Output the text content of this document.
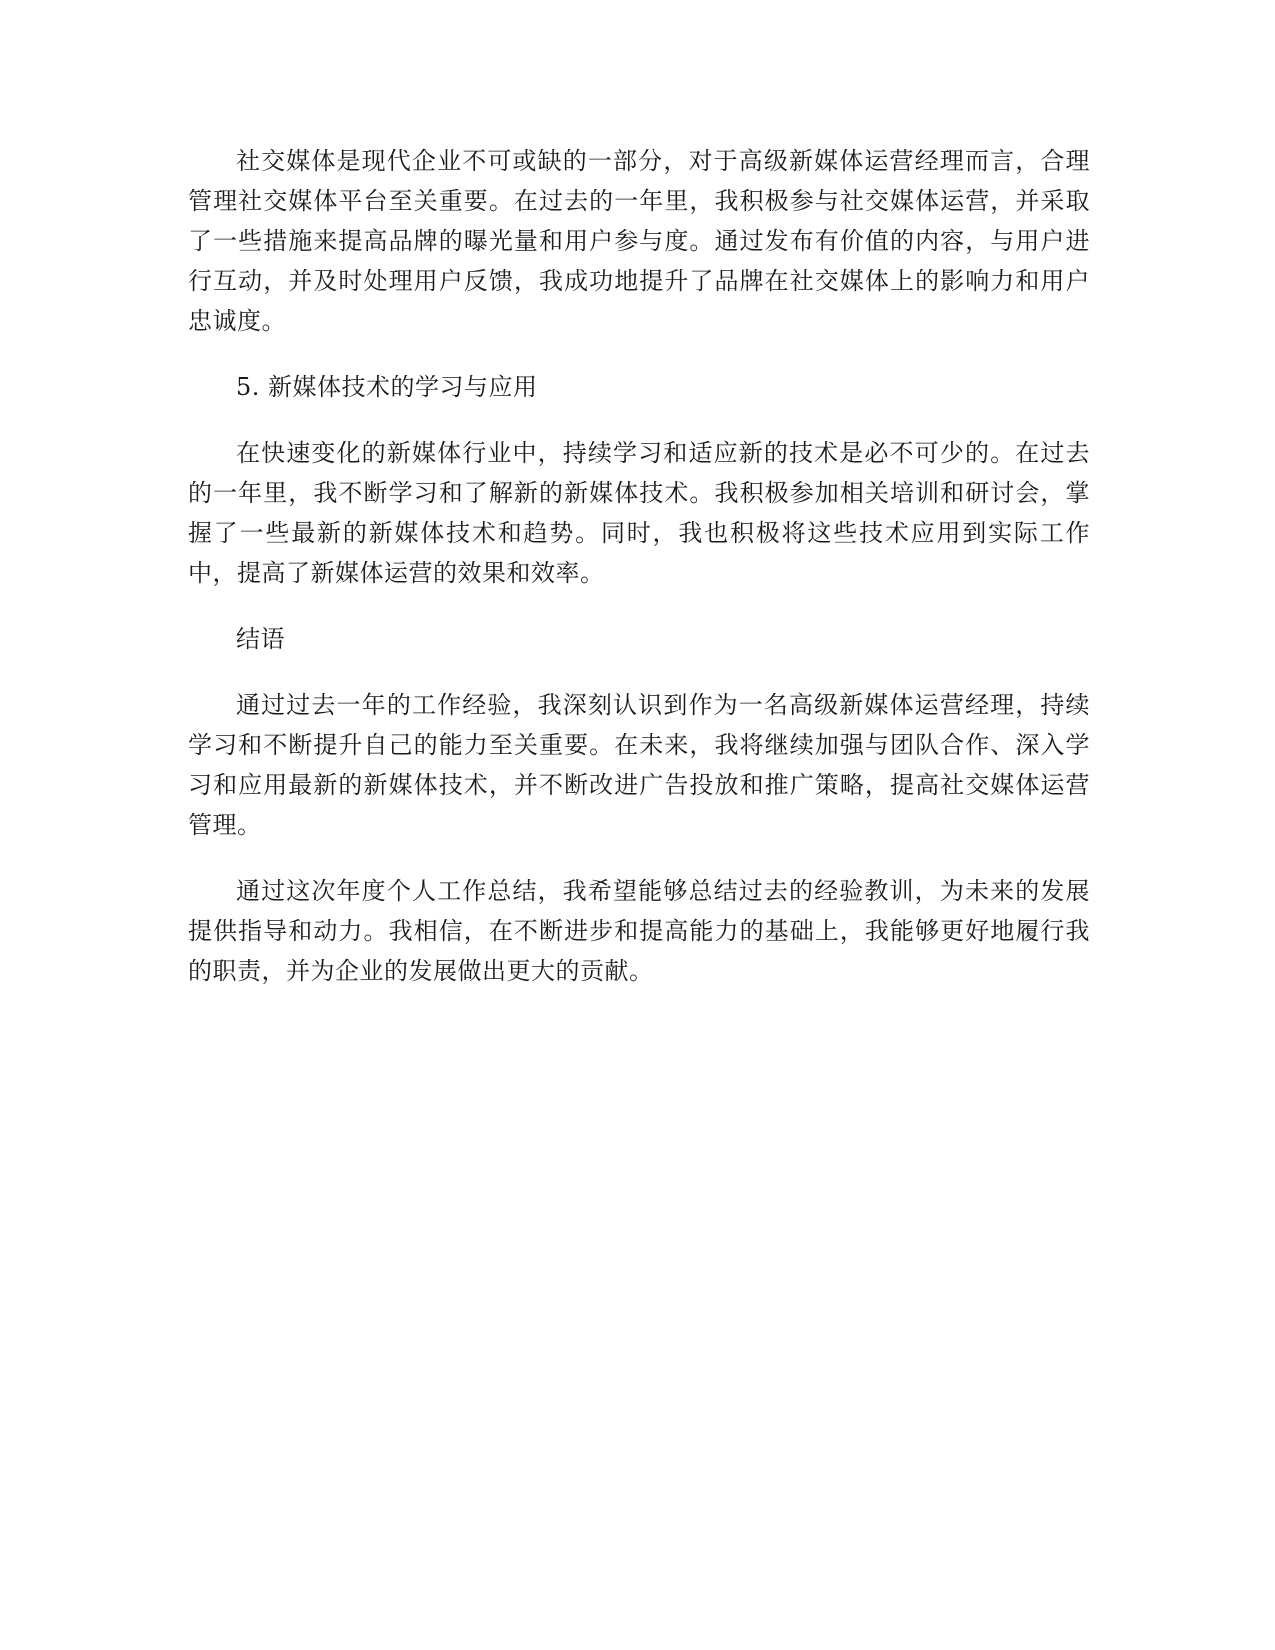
社交媒体是现代企业不可或缺的一部分，对于高级新媒体运营经理而言，合理管理社交媒体平台至关重要。在过去的一年里，我积极参与社交媒体运营，并采取了一些措施来提高品牌的曝光量和用户参与度。通过发布有价值的内容，与用户进行互动，并及时处理用户反馈，我成功地提升了品牌在社交媒体上的影响力和用户忠诚度。

5. 新媒体技术的学习与应用

在快速变化的新媒体行业中，持续学习和适应新的技术是必不可少的。在过去的一年里，我不断学习和了解新的新媒体技术。我积极参加相关培训和研讨会，掌握了一些最新的新媒体技术和趋势。同时，我也积极将这些技术应用到实际工作中，提高了新媒体运营的效果和效率。

结语

通过过去一年的工作经验，我深刻认识到作为一名高级新媒体运营经理，持续学习和不断提升自己的能力至关重要。在未来，我将继续加强与团队合作、深入学习和应用最新的新媒体技术，并不断改进广告投放和推广策略，提高社交媒体运营管理。

通过这次年度个人工作总结，我希望能够总结过去的经验教训，为未来的发展提供指导和动力。我相信，在不断进步和提高能力的基础上，我能够更好地履行我的职责，并为企业的发展做出更大的贡献。
